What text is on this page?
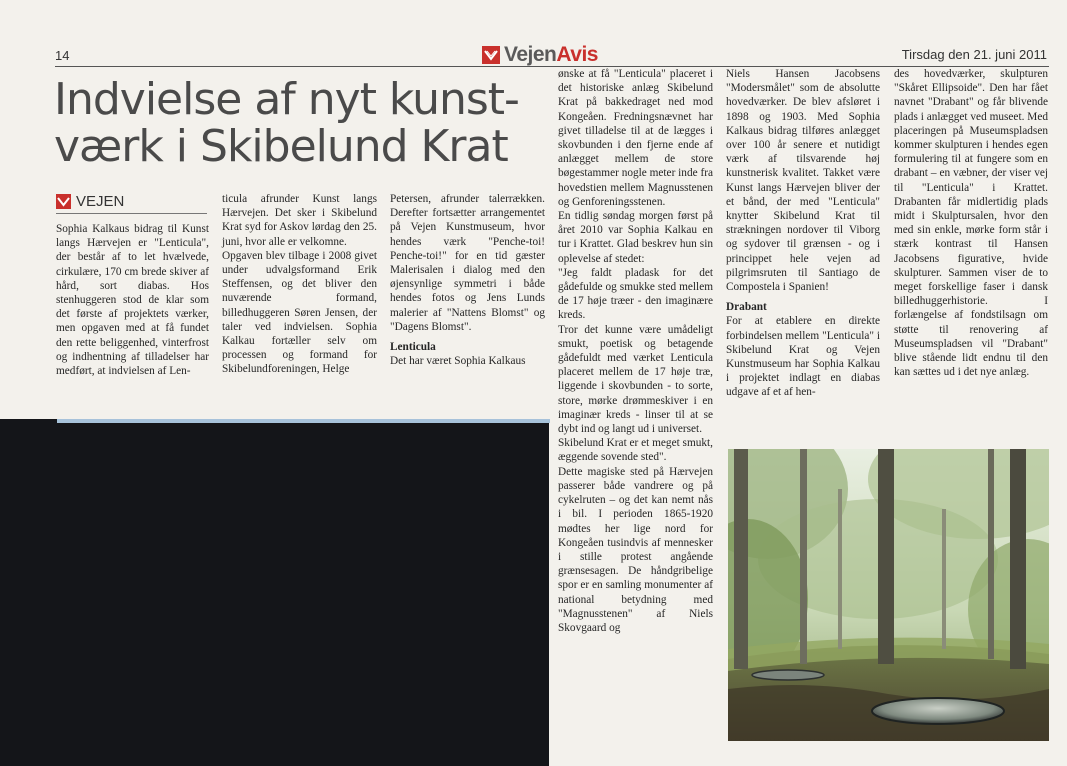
14	Vejen Avis	Tirsdag den 21. juni 2011
Indvielse af nyt kunst-
værk i Skibelund Krat
VEJEN

Sophia Kalkaus bidrag til Kunst langs Hærvejen er "Lenticula", der består af to let hvælvede, cirkulære, 170 cm brede skiver af hård, sort diabas. Hos stenhuggeren stod de klar som det første af projektets værker, men opgaven med at få fundet den rette beliggenhed, vinterfrost og indhentning af tilladelser har medført, at indvielsen af Len-

ticula afrunder Kunst langs Hærvejen. Det sker i Skibelund Krat syd for Askov lørdag den 25. juni, hvor alle er velkomne.

Opgaven blev tilbage i 2008 givet under udvalgsformand Erik Steffensen, og det bliver den nuværende formand, billedhuggeren Søren Jensen, der taler ved indvielsen. Sophia Kalkau fortæller selv om processen og formand for Skibelundforeningen, Helge

Petersen, afrunder talerrækken. Derefter fortsætter arrangementet på Vejen Kunstmuseum, hvor hendes værk "Penche-toi! Penche-toi!" for en tid gæster Malerisalen i dialog med den øjensynlige symmetri i både hendes fotos og Jens Lunds malerier af "Nattens Blomst" og "Dagens Blomst".

Lenticula

Det har været Sophia Kalkaus

ønske at få "Lenticula" placeret i det historiske anlæg Skibelund Krat på bakkedraget ned mod Kongeåen. Fredningsnævnet har givet tilladelse til at de lægges i skovbunden i den fjerne ende af anlægget mellem de store bøgestammer nogle meter inde fra hovedstien mellem Magnusstenen og Genforeningsstenen.

En tidlig søndag morgen først på året 2010 var Sophia Kalkau en tur i Krattet. Glad beskrev hun sin oplevelse af stedet:

"Jeg faldt pladask for det gådefulde og smukke sted mellem de 17 høje træer - den imaginære kreds.

Tror det kunne være umådeligt smukt, poetisk og betagende gådefuldt med værket Lenticula placeret mellem de 17 høje træ, liggende i skovbunden - to sorte, store, mørke drømmeskiver i en imaginær kreds - linser til at se dybt ind og langt ud i universet.

Skibelund Krat er et meget smukt, æggende sovende sted".

Dette magiske sted på Hærvejen passerer både vandrere og på cykelruten – og det kan nemt nås i bil. I perioden 1865-1920 mødtes her lige nord for Kongeåen tusindvis af mennesker i stille protest angående grænsesagen. De håndgribelige spor er en samling monumenter af national betydning med "Magnusstenen" af Niels Skovgaard og

Niels Hansen Jacobsens "Modersmålet" som de absolutte hovedværker. De blev afsløret i 1898 og 1903. Med Sophia Kalkaus bidrag tilføres anlægget over 100 år senere et nutidigt værk af tilsvarende høj kunstnerisk kvalitet. Takket være Kunst langs Hærvejen bliver der et bånd, der med "Lenticula" knytter Skibelund Krat til strækningen nordover til Viborg og sydover til grænsen - og i princippet hele vejen ad pilgrimsruten til Santiago de Compostela i Spanien!

Drabant

For at etablere en direkte forbindelsen mellem "Lenticula" i Skibelund Krat og Vejen Kunstmuseum har Sophia Kalkau i projektet indlagt en diabas udgave af et af hen-

des hovedværker, skulpturen "Skåret Ellipsoide". Den har fået navnet "Drabant" og får blivende plads i anlægget ved museet. Med placeringen på Museumspladsen kommer skulpturen i hendes egen formulering til at fungere som en drabant – en væbner, der viser vej til "Lenticula" i Krattet. Drabanten får midlertidig plads midt i Skulptursalen, hvor den med sin enkle, mørke form står i stærk kontrast til Hansen Jacobsens figurative, hvide skulpturer. Sammen viser de to meget forskellige faser i dansk billedhuggerhistorie. I forlængelse af fondstilsagn om støtte til renovering af Museumspladsen vil "Drabant" blive stående lidt endnu til den kan sættes ud i det nye anlæg.
